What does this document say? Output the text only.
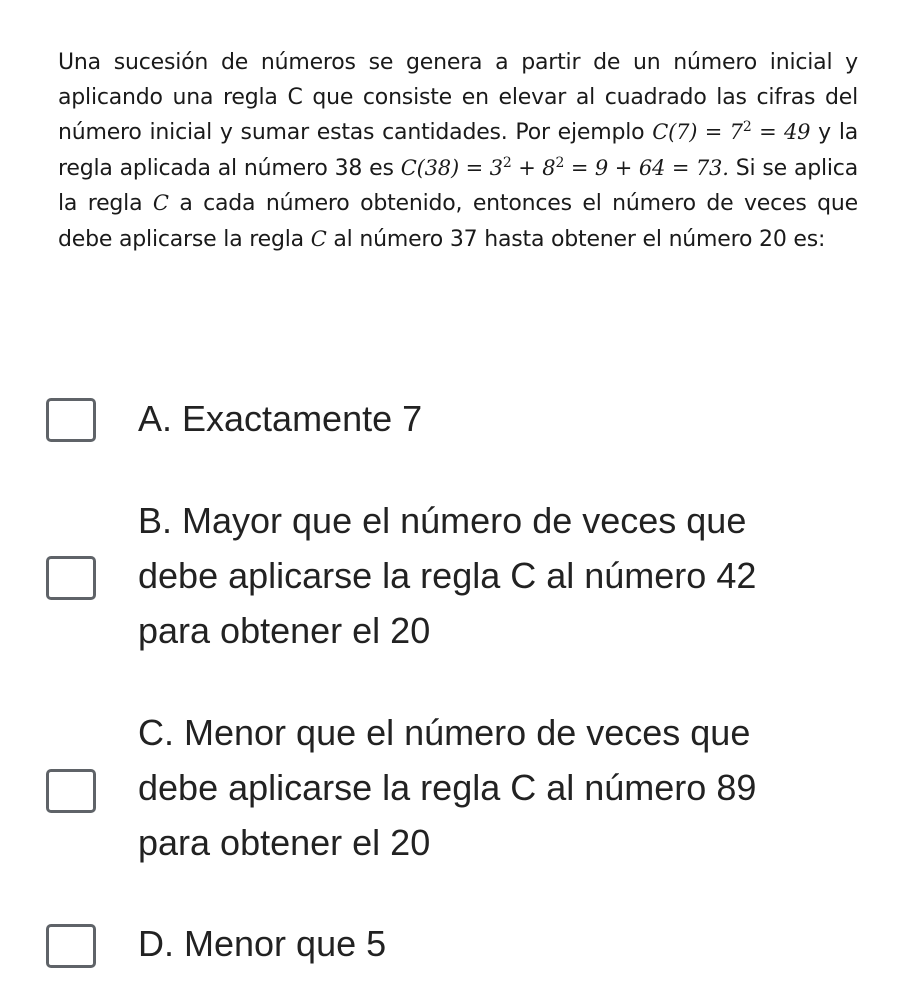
Una sucesión de números se genera a partir de un número inicial y aplicando una regla C que consiste en elevar al cuadrado las cifras del número inicial y sumar estas cantidades. Por ejemplo $C(7) = 7^2 = 49$ y la regla aplicada al número 38 es $C(38) = 3^2 + 8^2 = 9 + 64 = 73$. Si se aplica la regla C a cada número obtenido, entonces el número de veces que debe aplicarse la regla C al número 37 hasta obtener el número 20 es:

A. Exactamente 7
B. Mayor que el número de veces que
debe aplicarse la regla C al número 42
para obtener el 20
C. Menor que el número de veces que
debe aplicarse la regla C al número 89
para obtener el 20
D. Menor que 5
